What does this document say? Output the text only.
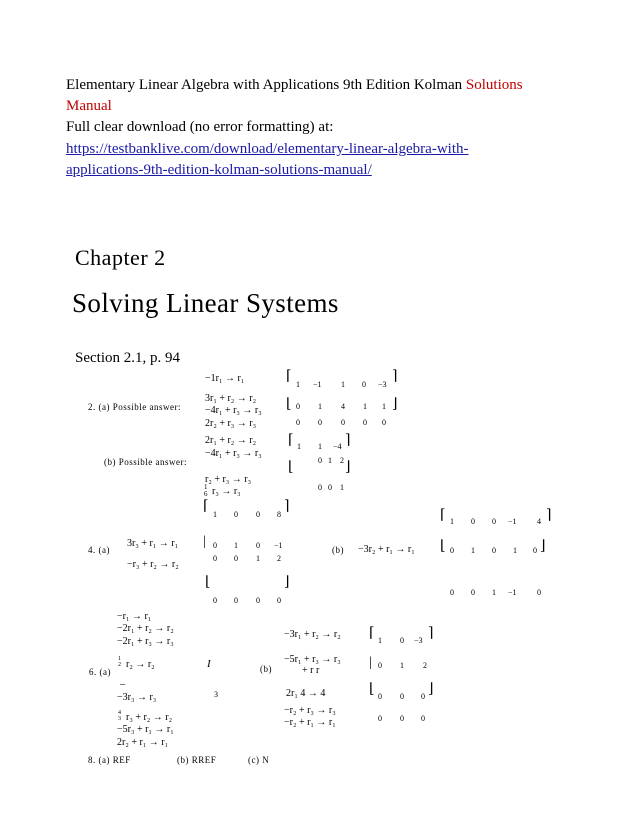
Elementary Linear Algebra with Applications 9th Edition Kolman Solutions
Manual
Full clear download (no error formatting) at:
https://testbanklive.com/download/elementary-linear-algebra-with-
applications-9th-edition-kolman-solutions-manual/
Chapter 2
Solving Linear Systems
Section 2.1, p. 94
−1r₁ → r₁
3r₁ + r₂ → r₂
2. (a) Possible answer: −4r₁ + r₃ → r₃
2r₂ + r₃ → r₃
⌈	⌉
⌊	⌋
1 −1 1 0 −3
0 1 4 1 1
0 0 0 0 0
2r₁ + r₂ → r₂
−4r₁ + r₃ → r₃
(b) Possible answer:
r₂ + r₃ → r₃
1
6 r₃ → r₃
⌈	⌉
⌊	⌋
1 1 −4
0 1 2
0 0 1
⌈	⌉
1 0 0 8
3r₃ + r₁ → r₁
4. (a)
| 0 1 0 −1
0 0 1 2
−r₃ + r₂ → r₂
⌊	⌋
0 0 0 0
(b) −3r₂ + r₁ → r₁
⌈	⌉
1 0 0 −1	4
⌊	⌋
0 1 0 1 0
0 0 1 −1	0
−r₁ → r₁
−2r₁ + r₂ → r₂
−2r₁ + r₃ → r₃
1
2 r₂ → r₂	I
6. (a)
–
3
−3r₃ → r₃
4
3 r₃ + r₂ → r₂
−5r₃ + r₁ → r₁
2r₂ + r₁ → r₁
−3r₁ + r₂ → r₂
−5r₁ + r₃ → r₃
(b)	+ r r
2r₁ 4 → 4
−r₂ + r₃ → r₃
−r₂ + r₁ → r₁
⌈	⌉
1 0 −3
| 0 1 2
⌊	⌋
0 0 0
0 0 0
8. (a) REF	(b) RREF	(c) N
